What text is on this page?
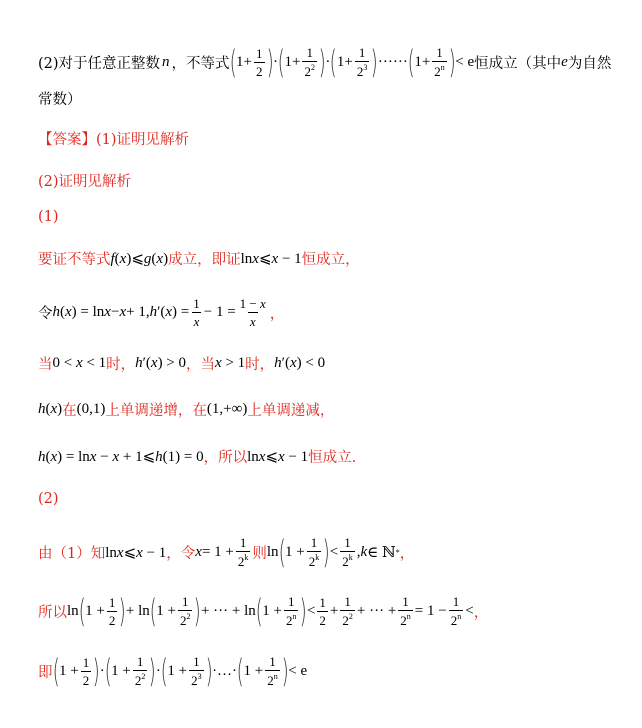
(2)对于任意正整数 n ， 不等式 ( $1+ \frac{1}{2}$ ) · ( $1+ \frac{1}{2^2}$ ) · ( $1+ \frac{1}{2^3}$ ) ······ ( $1+ \frac{1}{2^n}$ ) < e 恒成立（其中 e 为自然
常数）
【答案】(1)证明见解析
(2)证明见解析
(1)
要证不等式 f(x)⩽g(x) 成立，即证 lnx⩽x − 1 恒成立，
令 h ( x ) = ln x − x + 1, h ′( x ) = $\frac{1}{x} - 1 = \frac{1 - x}{x}$ ，
当 0 < x < 1 时， h′(x) > 0 ，当 x > 1 时， h′(x) < 0
h(x) 在 (0,1) 上单调递增，在 (1,+∞) 上单调递减，
h(x) = lnx − x + 1⩽h(1) = 0 ，所以 lnx⩽x − 1 恒成立.
(2)
由（1）知 lnx⩽x − 1 ，令 $x = 1 + \frac{1}{2^k}$ 则 ln ( $1 + \frac{1}{2^k}$ ) < $\frac{1}{2^k}$ , k ∈ ℕ * ，
所以 ln ( $1 + \frac{1}{2}$ ) + ln ( $1 + \frac{1}{2^2}$ ) + ··· + ln ( $1 + \frac{1}{2^n}$ ) < $\frac{1}{2} + \frac{1}{2^2}$ + ··· + $\frac{1}{2^n} = 1 - \frac{1}{2^n}$ < ，
即 ( $1 + \frac{1}{2}$ ) · ( $1 + \frac{1}{2^2}$ ) · ( $1 + \frac{1}{2^3}$ ) ·…· ( $1 + \frac{1}{2^n}$ ) < e
